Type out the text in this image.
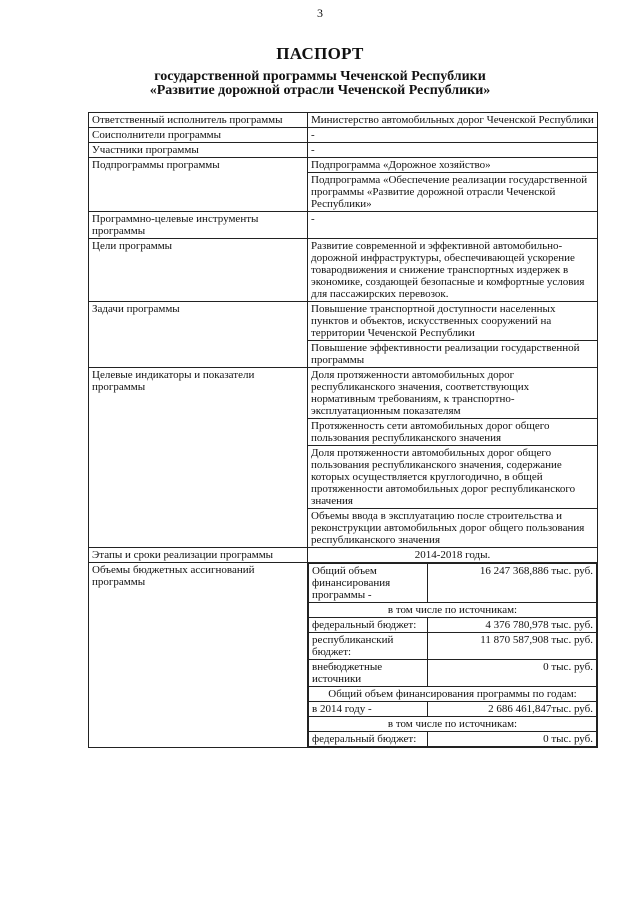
3
ПАСПОРТ
государственной программы Чеченской Республики
«Развитие дорожной отрасли Чеченской Республики»
Ответственный исполнитель программы	Министерство автомобильных дорог Чеченской Республики
Соисполнители программы	-
Участники программы	-
Подпрограммы программы	Подпрограмма «Дорожное хозяйство»
Подпрограмма «Обеспечение реализации государственной программы «Развитие дорожной отрасли Чеченской Республики»
Программно-целевые инструменты программы	-
Цели программы	Развитие современной и эффективной автомобильно-дорожной инфраструктуры, обеспечивающей ускорение товародвижения и снижение транспортных издержек в экономике, создающей безопасные и комфортные условия для пассажирских перевозок.
Задачи программы	Повышение транспортной доступности населенных пунктов и объектов, искусственных сооружений на территории Чеченской Республики
Повышение эффективности реализации государственной программы
Целевые индикаторы и показатели программы	Доля протяженности автомобильных дорог республиканского значения, соответствующих нормативным требованиям, к транспортно-эксплуатационным показателям
Протяженность сети автомобильных дорог общего пользования республиканского значения
Доля протяженности автомобильных дорог общего пользования республиканского значения, содержание которых осуществляется круглогодично, в общей протяженности автомобильных дорог республиканского значения
Объемы ввода в эксплуатацию после строительства и реконструкции автомобильных дорог общего пользования республиканского значения
Этапы и сроки реализации программы	2014-2018 годы.
Объемы бюджетных ассигнований программы	
Общий объем финансирования программы -	16 247 368,886 тыс. руб.
в том числе по источникам:
федеральный бюджет:	4 376 780,978 тыс. руб.
республиканский бюджет:	11 870 587,908 тыс. руб.
внебюджетные источники	0 тыс. руб.
Общий объем финансирования программы по годам:
в 2014 году -	2 686 461,847тыс. руб.
в том числе по источникам:
федеральный бюджет:	0 тыс. руб.
